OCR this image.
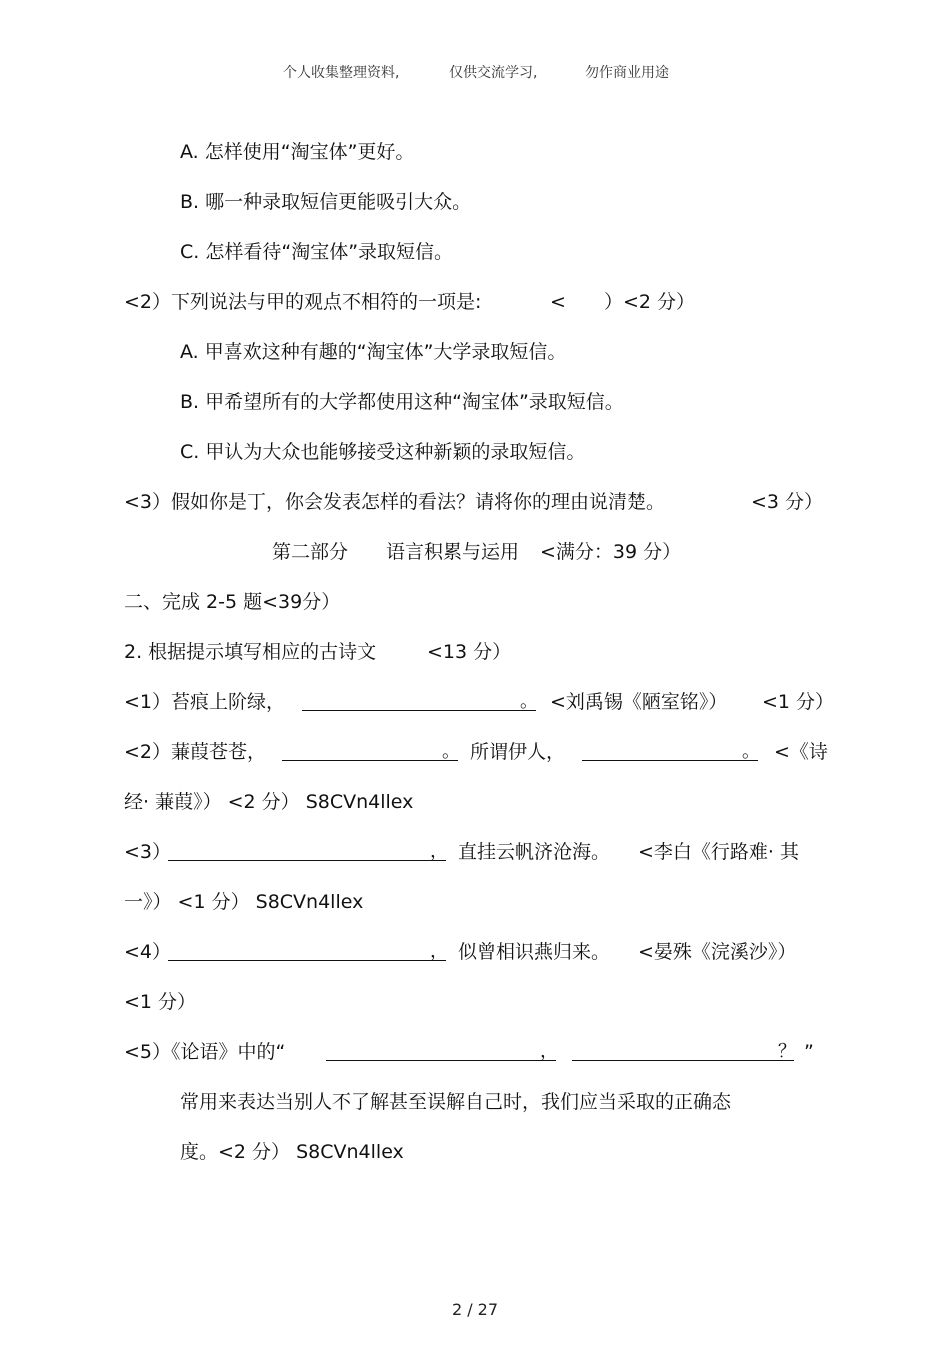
个人收集整理资料,	仅供交流学习,	勿作商业用途
A. 怎样使用“淘宝体”更好。
B. 哪一种录取短信更能吸引大众。
C. 怎样看待“淘宝体”录取短信。
<2）下列说法与甲的观点不相符的一项是:	< ）<2 分）
A. 甲喜欢这种有趣的“淘宝体”大学录取短信。
B. 甲希望所有的大学都使用这种“淘宝体”录取短信。
C. 甲认为大众也能够接受这种新颖的录取短信。
<3）假如你是丁，你会发表怎样的看法？请将你的理由说清楚。	<3 分）
第二部分 语言积累与运用 <满分：39 分）
二、完成 2-5 题<39分）
2. 根据提示填写相应的古诗文	<13 分）
<1）苔痕上阶绿，	。 <刘禹锡《陋室铭》） <1 分）
<2）蒹葭苍苍，	。 所谓伊人，	。 <《诗
经· 蒹葭》） <2 分） S8CVn4llex
<3）	， 直挂云帆济沧海。 <李白《行路难· 其
一》） <1 分） S8CVn4llex
<4）	， 似曾相识燕归来。 <晏殊《浣溪沙》）
<1 分）
<5）《论语》中的“	，	？ ”
常用来表达当别人不了解甚至误解自己时，我们应当采取的正确态
度。<2 分） S8CVn4llex
2 / 27
